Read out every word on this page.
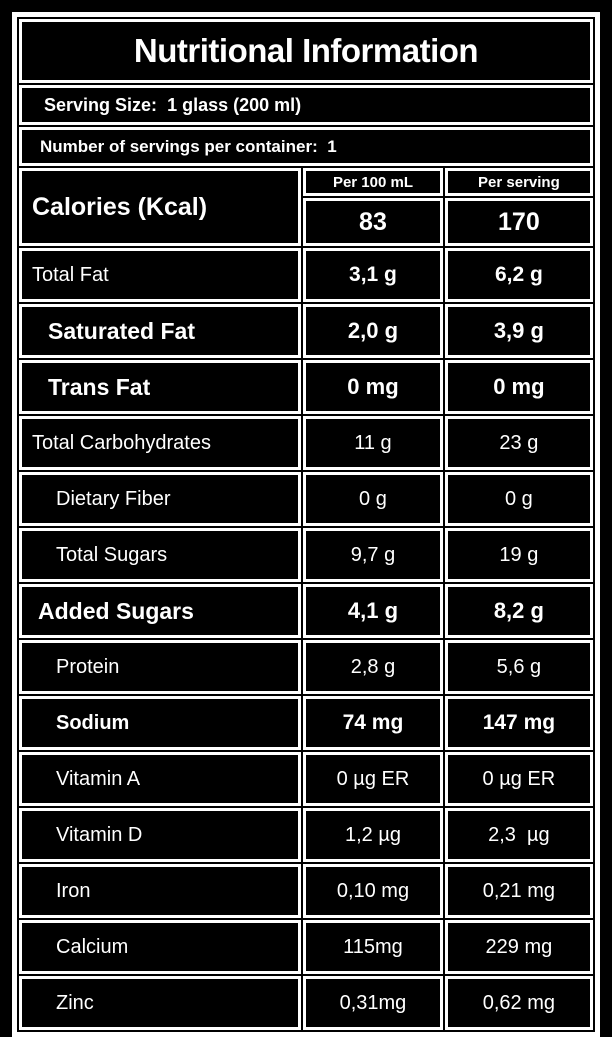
Nutritional Information		
Serving Size: 1 glass (200 ml)		
Number of servings per container: 1		
Calories (Kcal)	Per 100 mL	Per serving
	83	170
Total Fat	3,1 g	6,2 g
Saturated Fat	2,0 g	3,9 g
Trans Fat	0 mg	0 mg
Total Carbohydrates	11 g	23 g
Dietary Fiber	0 g	0 g
Total Sugars	9,7 g	19 g
Added Sugars	4,1 g	8,2 g
Protein	2,8 g	5,6 g
Sodium	74 mg	147 mg
Vitamin A	0 µg ER	0 µg ER
Vitamin D	1,2 µg	2,3  µg
Iron	0,10 mg	0,21 mg
Calcium	115mg	229 mg
Zinc	0,31mg	0,62 mg
